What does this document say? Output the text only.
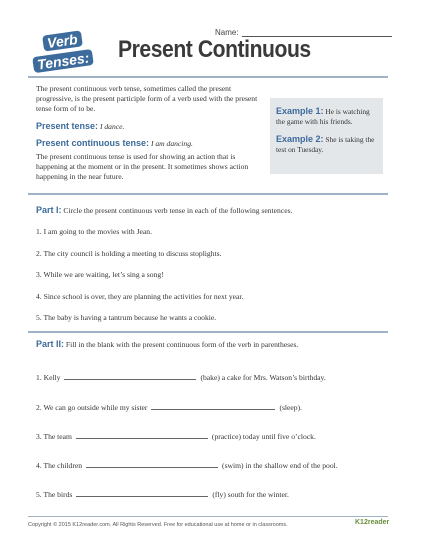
Name:
Verb
Tenses:	Present Continuous
The present continuous verb tense, sometimes called the present progressive, is the present participle form of a verb used with the present tense form of to be.
Present tense: I dance.
Present continuous tense: I am dancing.
The present continuous tense is used for showing an action that is happening at the moment or in the present. It sometimes shows action happening in the near future.
Example 1: He is watching the game with his friends.
Example 2: She is taking the test on Tuesday.
Part I: Circle the present continuous verb tense in each of the following sentences.
1. I am going to the movies with Jean.
2. The city council is holding a meeting to discuss stoplights.
3. While we are waiting, let’s sing a song!
4. Since school is over, they are planning the activities for next year.
5. The baby is having a tantrum because he wants a cookie.
Part II: Fill in the blank with the present continuous form of the verb in parentheses.
1. Kelly	(bake) a cake for Mrs. Watson’s birthday.
2. We can go outside while my sister	(sleep).
3. The team	(practice) today until five o’clock.
4. The children	(swim) in the shallow end of the pool.
5. The birds	(fly) south for the winter.
Copyright © 2015 K12reader.com. All Rights Reserved. Free for educational use at home or in classrooms.	K12reader
